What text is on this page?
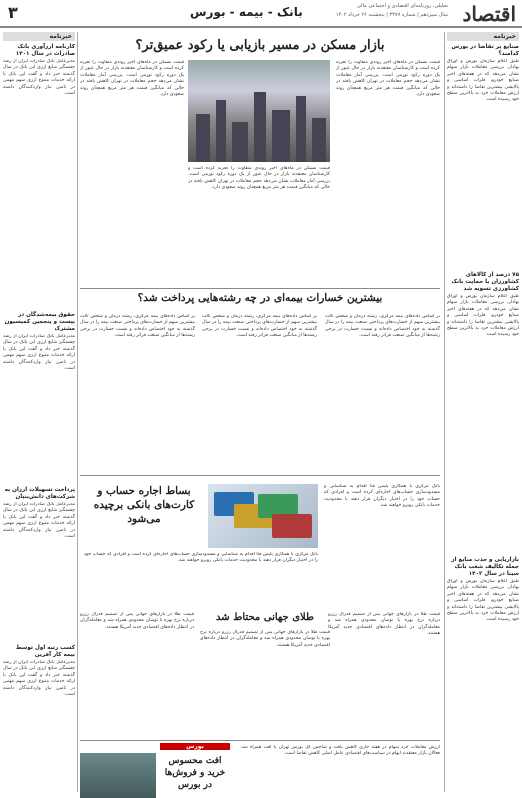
اقتصاد
تحلیلی، روزنامه‌ای اقتصادی و اجتماعی مالی
سال سیزدهم | شماره ۳۴۷۷ | پنجشنبه ۲۶ خرداد ۱۴۰۲
بانک - بیمه - بورس
۳
خبرنامه
صنایع پر تقاضا در بورس کدامند؟
طبق اعلام سازمان بورس و اوراق بهادار، بررسی معاملات بازار سهام نشان می‌دهد که در هفته‌های اخیر صنایع خودرو، فلزات اساسی و پالایشی بیشترین تقاضا را داشته‌اند و ارزش معاملات خرد به بالاترین سطح خود رسیده است.
۷۵ درصد از کالاهای کشاورزان با حمایت بانک کشاورزی تسویه شد
طبق اعلام سازمان بورس و اوراق بهادار، بررسی معاملات بازار سهام نشان می‌دهد که در هفته‌های اخیر صنایع خودرو، فلزات اساسی و پالایشی بیشترین تقاضا را داشته‌اند و ارزش معاملات خرد به بالاترین سطح خود رسیده است.
بازاریابی و جذب منابع از جمله تکالیف شعب بانک سینا در سال ۱۴۰۲
طبق اعلام سازمان بورس و اوراق بهادار، بررسی معاملات بازار سهام نشان می‌دهد که در هفته‌های اخیر صنایع خودرو، فلزات اساسی و پالایشی بیشترین تقاضا را داشته‌اند و ارزش معاملات خرد به بالاترین سطح خود رسیده است.
خبرنامه
کارنامه ارزآوری بانک صادرات در سال ۱۴۰۱
مدیرعامل بانک صادرات ایران از رشد چشمگیر منابع ارزی این بانک در سال گذشته خبر داد و گفت این بانک با ارائه خدمات متنوع ارزی سهم مهمی در تامین نیاز واردکنندگان داشته است.
حقوق بیمه‌شدگان در بیست و پنجمین کمیسیون مشترک
مدیرعامل بانک صادرات ایران از رشد چشمگیر منابع ارزی این بانک در سال گذشته خبر داد و گفت این بانک با ارائه خدمات متنوع ارزی سهم مهمی در تامین نیاز واردکنندگان داشته است.
پرداخت تسهیلات ارزان به شرکت‌های دانش‌بنیان
مدیرعامل بانک صادرات ایران از رشد چشمگیر منابع ارزی این بانک در سال گذشته خبر داد و گفت این بانک با ارائه خدمات متنوع ارزی سهم مهمی در تامین نیاز واردکنندگان داشته است.
کسب رتبه اول توسط بیمه کار آفرین
مدیرعامل بانک صادرات ایران از رشد چشمگیر منابع ارزی این بانک در سال گذشته خبر داد و گفت این بانک با ارائه خدمات متنوع ارزی سهم مهمی در تامین نیاز واردکنندگان داشته است.
بازار مسکن در مسیر بازیابی یا رکود عمیق‌تر؟
قیمت مسکن در ماه‌های اخیر روندی متفاوت را تجربه کرده است و کارشناسان معتقدند بازار در حال عبور از یک دوره رکود تورمی است. بررسی آمار معاملات نشان می‌دهد حجم معاملات در تهران کاهش یافته در حالی که میانگین قیمت هر متر مربع همچنان روند صعودی دارد.
قیمت مسکن در ماه‌های اخیر روندی متفاوت را تجربه کرده است و کارشناسان معتقدند بازار در حال عبور از یک دوره رکود تورمی است. بررسی آمار معاملات نشان می‌دهد حجم معاملات در تهران کاهش یافته در حالی که میانگین قیمت هر متر مربع همچنان روند صعودی دارد.
قیمت مسکن در ماه‌های اخیر روندی متفاوت را تجربه کرده است و کارشناسان معتقدند بازار در حال عبور از یک دوره رکود تورمی است. بررسی آمار معاملات نشان می‌دهد حجم معاملات در تهران کاهش یافته در حالی که میانگین قیمت هر متر مربع همچنان روند صعودی دارد.
بیشترین خسارات بیمه‌ای در چه رشته‌هایی پرداخت شد؟
بر اساس داده‌های بیمه مرکزی، رشته درمان و شخص ثالث بیشترین سهم از خسارت‌های پرداختی صنعت بیمه را در سال گذشته به خود اختصاص داده‌اند و نسبت خسارت در برخی رشته‌ها از میانگین صنعت فراتر رفته است.
بر اساس داده‌های بیمه مرکزی، رشته درمان و شخص ثالث بیشترین سهم از خسارت‌های پرداختی صنعت بیمه را در سال گذشته به خود اختصاص داده‌اند و نسبت خسارت در برخی رشته‌ها از میانگین صنعت فراتر رفته است.
بر اساس داده‌های بیمه مرکزی، رشته درمان و شخص ثالث بیشترین سهم از خسارت‌های پرداختی صنعت بیمه را در سال گذشته به خود اختصاص داده‌اند و نسبت خسارت در برخی رشته‌ها از میانگین صنعت فراتر رفته است.
بساط اجاره حساب و کارت‌های بانکی برچیده می‌شود
بانک مرکزی با همکاری پلیس فتا اقدام به شناسایی و مسدودسازی حساب‌های اجاره‌ای کرده است و افرادی که حساب خود را در اختیار دیگران قرار دهند با محدودیت خدمات بانکی روبرو خواهند شد.
بانک مرکزی با همکاری پلیس فتا اقدام به شناسایی و مسدودسازی حساب‌های اجاره‌ای کرده است و افرادی که حساب خود را در اختیار دیگران قرار دهند با محدودیت خدمات بانکی روبرو خواهند شد.
طلای جهانی محتاط شد	قیمت طلا در بازارهای جهانی پس از تصمیم فدرال رزرو درباره نرخ بهره با نوسان محدودی همراه شد و معامله‌گران در انتظار داده‌های اقتصادی جدید آمریکا هستند.
قیمت طلا در بازارهای جهانی پس از تصمیم فدرال رزرو درباره نرخ بهره با نوسان محدودی همراه شد و معامله‌گران در انتظار داده‌های اقتصادی جدید آمریکا هستند.
قیمت طلا در بازارهای جهانی پس از تصمیم فدرال رزرو درباره نرخ بهره با نوسان محدودی همراه شد و معامله‌گران در انتظار داده‌های اقتصادی جدید آمریکا هستند.
بورس
افت محسوس خرید و فروش‌ها در بورس
ارزش معاملات خرد سهام در هفته جاری کاهش یافت و شاخص کل بورس تهران با افت همراه شد. فعالان بازار معتقدند ابهام در سیاست‌های اقتصادی عامل اصلی کاهش تقاضا است.
